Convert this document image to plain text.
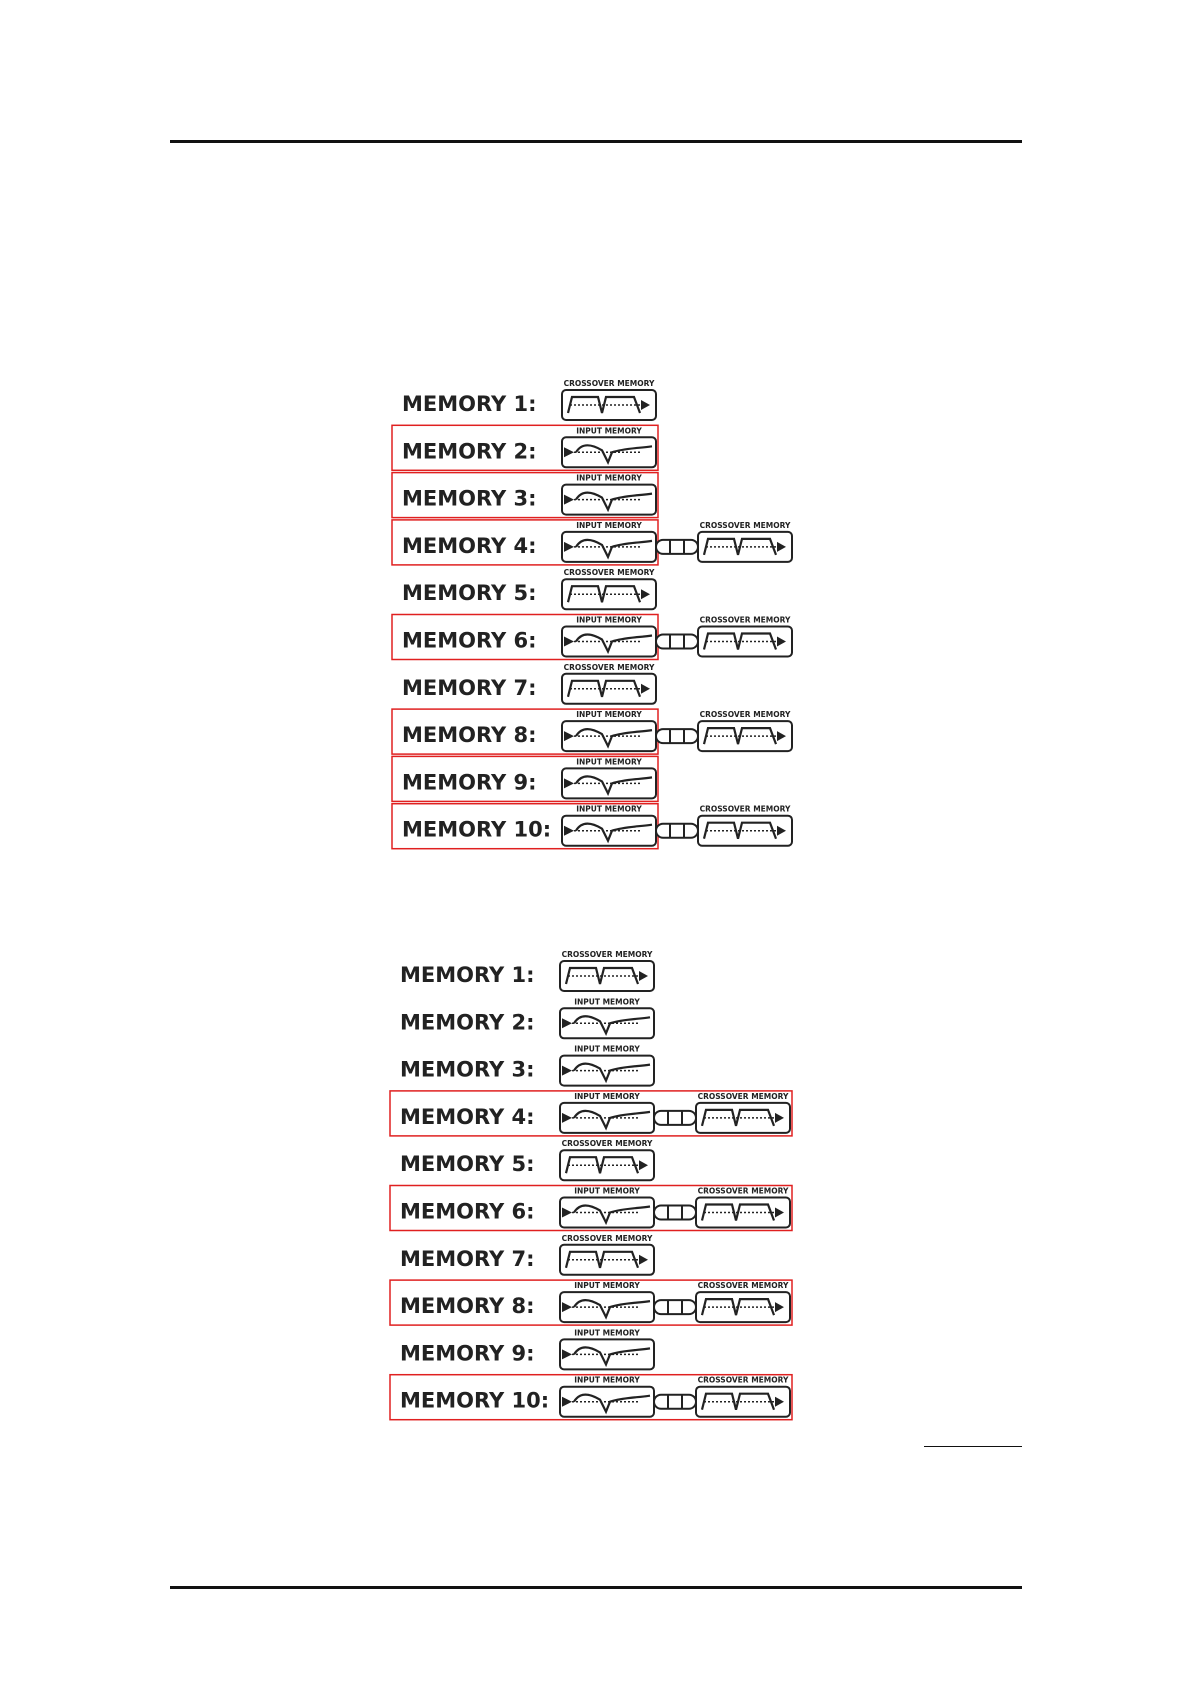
MEMORY 1:
CROSSOVER MEMORY
MEMORY 2:
INPUT MEMORY
MEMORY 3:
INPUT MEMORY
MEMORY 4:
INPUT MEMORY	CROSSOVER MEMORY
MEMORY 5:
CROSSOVER MEMORY
MEMORY 6:
INPUT MEMORY	CROSSOVER MEMORY
MEMORY 7:
CROSSOVER MEMORY
MEMORY 8:
INPUT MEMORY	CROSSOVER MEMORY
MEMORY 9:
INPUT MEMORY
MEMORY 10:
INPUT MEMORY	CROSSOVER MEMORY
MEMORY 1:
CROSSOVER MEMORY
MEMORY 2:
INPUT MEMORY
MEMORY 3:
INPUT MEMORY
MEMORY 4:
INPUT MEMORY	CROSSOVER MEMORY
MEMORY 5:
CROSSOVER MEMORY
MEMORY 6:
INPUT MEMORY	CROSSOVER MEMORY
MEMORY 7:
CROSSOVER MEMORY
MEMORY 8:
INPUT MEMORY	CROSSOVER MEMORY
MEMORY 9:
INPUT MEMORY
MEMORY 10:
INPUT MEMORY	CROSSOVER MEMORY
